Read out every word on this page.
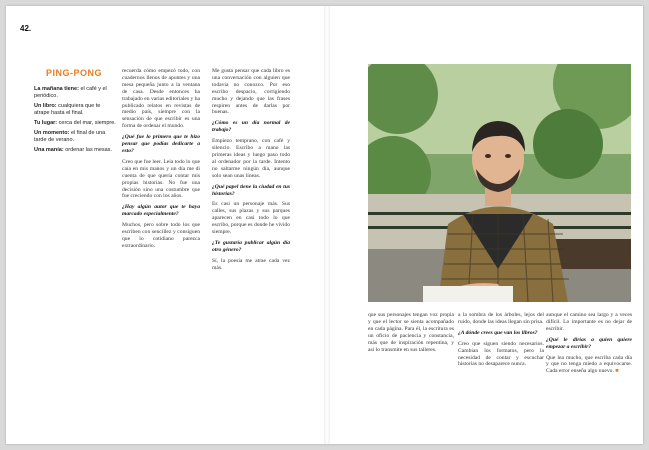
42.
PING-PONG

La mañana tiene: el café y el periódico.

Un libro: cualquiera que te atrape hasta el final.

Tu lugar: cerca del mar, siempre.

Un momento: el final de una tarde de verano.

Una manía: ordenar las mesas.

recuerda cómo empezó todo, con cuadernos llenos de apuntes y una mesa pequeña junto a la ventana de casa. Desde entonces ha trabajado en varias editoriales y ha publicado relatos en revistas de medio país, siempre con la sensación de que escribir es una forma de ordenar el mundo.

¿Qué fue lo primero que te hizo pensar que podías dedicarte a esto?

Creo que fue leer. Leía todo lo que caía en mis manos y un día me di cuenta de que quería contar mis propias historias. No fue una decisión sino una costumbre que fue creciendo con los años.

¿Hay algún autor que te haya marcado especialmente?

Muchos, pero sobre todo los que escriben con sencillez y consiguen que lo cotidiano parezca extraordinario.

Me gusta pensar que cada libro es una conversación con alguien que todavía no conozco. Por eso escribo despacio, corrigiendo mucho y dejando que las frases respiren antes de darlas por buenas.

¿Cómo es un día normal de trabajo?

Empiezo temprano, con café y silencio. Escribo a mano las primeras ideas y luego paso todo al ordenador por la tarde. Intento no saltarme ningún día, aunque solo sean unas líneas.

¿Qué papel tiene la ciudad en tus historias?

Es casi un personaje más. Sus calles, sus plazas y sus parques aparecen en casi todo lo que escribo, porque es donde he vivido siempre.

¿Te gustaría publicar algún día otro género?

Sí, la poesía me atrae cada vez más.

que sus personajes tengan voz propia y que el lector se sienta acompañado en cada página. Para él, la escritura es un oficio de paciencia y constancia, más que de inspiración repentina, y así lo transmite en sus talleres.

a la sombra de los árboles, lejos del ruido, donde las ideas llegan sin prisa.

¿A dónde crees que van los libros?

Creo que siguen siendo necesarios. Cambian los formatos, pero la necesidad de contar y escuchar historias no desaparece nunca.

aunque el camino sea largo y a veces difícil. Lo importante es no dejar de escribir.

¿Qué le dirías a quien quiere empezar a escribir?

Que lea mucho, que escriba cada día y que no tenga miedo a equivocarse. Cada error enseña algo nuevo. ■
